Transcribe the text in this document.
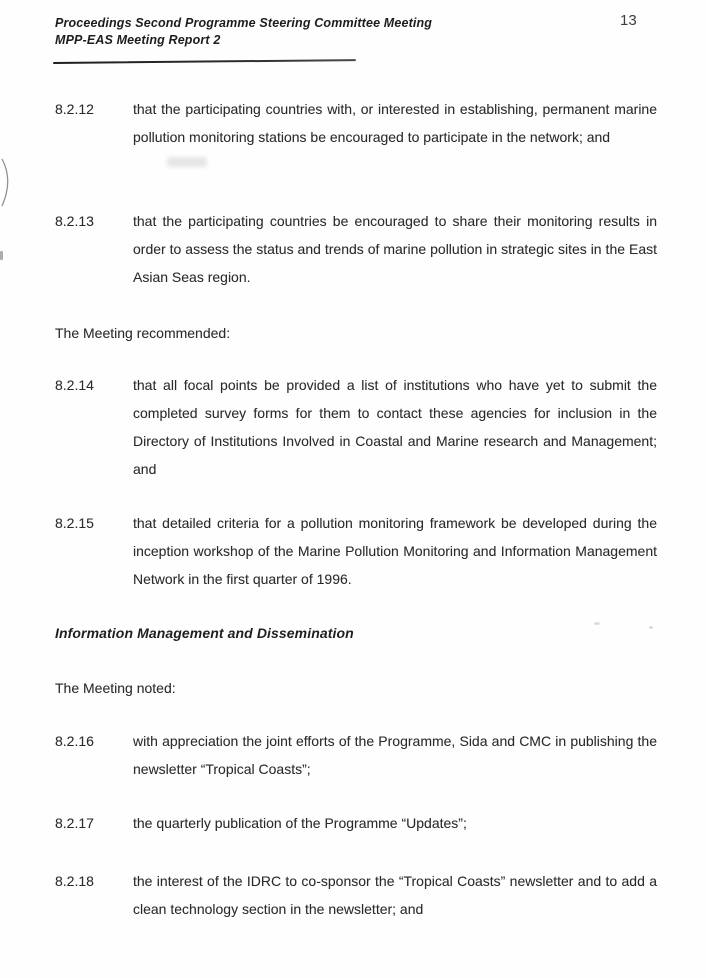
Proceedings Second Programme Steering Committee Meeting
MPP-EAS Meeting Report 2
13
8.2.12	that the participating countries with, or interested in establishing, permanent marine pollution monitoring stations be encouraged to participate in the network; and
8.2.13	that the participating countries be encouraged to share their monitoring results in order to assess the status and trends of marine pollution in strategic sites in the East Asian Seas region.
The Meeting recommended:
8.2.14	that all focal points be provided a list of institutions who have yet to submit the completed survey forms for them to contact these agencies for inclusion in the Directory of Institutions Involved in Coastal and Marine research and Management; and
8.2.15	that detailed criteria for a pollution monitoring framework be developed during the inception workshop of the Marine Pollution Monitoring and Information Management Network in the first quarter of 1996.
Information Management and Dissemination
The Meeting noted:
8.2.16	with appreciation the joint efforts of the Programme, Sida and CMC in publishing the newsletter “Tropical Coasts”;
8.2.17	the quarterly publication of the Programme “Updates”;
8.2.18	the interest of the IDRC to co-sponsor the “Tropical Coasts” newsletter and to add a clean technology section in the newsletter; and
